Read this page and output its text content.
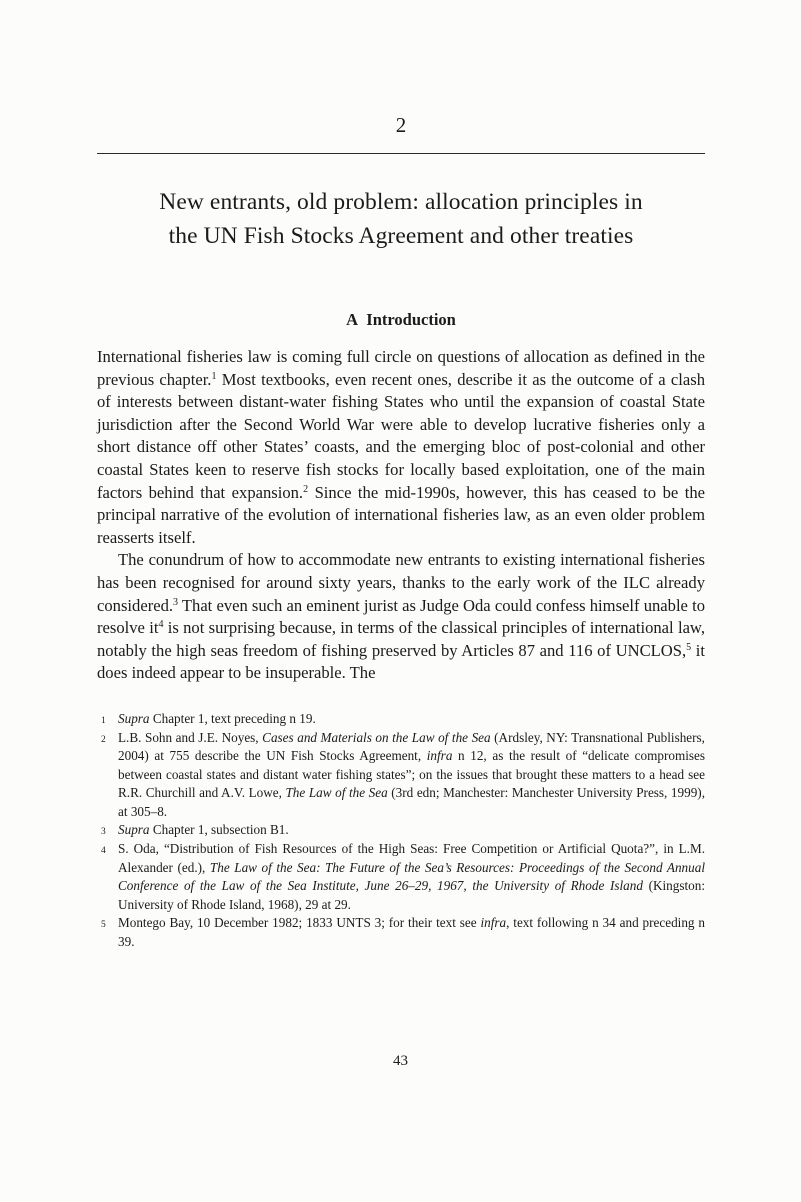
2
New entrants, old problem: allocation principles in
the UN Fish Stocks Agreement and other treaties
A Introduction

International fisheries law is coming full circle on questions of allocation as defined in the previous chapter.$^1$ Most textbooks, even recent ones, describe it as the outcome of a clash of interests between distant-water fishing States who until the expansion of coastal State jurisdiction after the Second World War were able to develop lucrative fisheries only a short distance off other States’ coasts, and the emerging bloc of post-colonial and other coastal States keen to reserve fish stocks for locally based exploitation, one of the main factors behind that expansion.$^2$ Since the mid-1990s, however, this has ceased to be the principal narrative of the evolution of international fisheries law, as an even older problem reasserts itself.

The conundrum of how to accommodate new entrants to existing international fisheries has been recognised for around sixty years, thanks to the early work of the ILC already considered.$^3$ That even such an eminent jurist as Judge Oda could confess himself unable to resolve $it^4$ is not surprising because, in terms of the classical principles of international law, notably the high seas freedom of fishing preserved by Articles 87 and 116 of UNCLOS,$^5$ it does indeed appear to be insuperable. The

1 Supra Chapter 1, text preceding n 19.
2 L.B. Sohn and J.E. Noyes, Cases and Materials on the Law of the Sea (Ardsley, NY: Transnational Publishers, 2004) at 755 describe the UN Fish Stocks Agreement, infra n 12, as the result of “delicate compromises between coastal states and distant water fishing states”; on the issues that brought these matters to a head see R.R. Churchill and A.V. Lowe, The Law of the Sea (3rd edn; Manchester: Manchester University Press, 1999), at 305–8.
3 Supra Chapter 1, subsection B1.
4 S. Oda, “Distribution of Fish Resources of the High Seas: Free Competition or Artificial Quota?”, in L.M. Alexander (ed.), The Law of the Sea: The Future of the Sea’s Resources: Proceedings of the Second Annual Conference of the Law of the Sea Institute, June 26–29, 1967, the University of Rhode Island (Kingston: University of Rhode Island, 1968), 29 at 29.
5 Montego Bay, 10 December 1982; 1833 UNTS 3; for their text see infra, text following n 34 and preceding n 39.
43
